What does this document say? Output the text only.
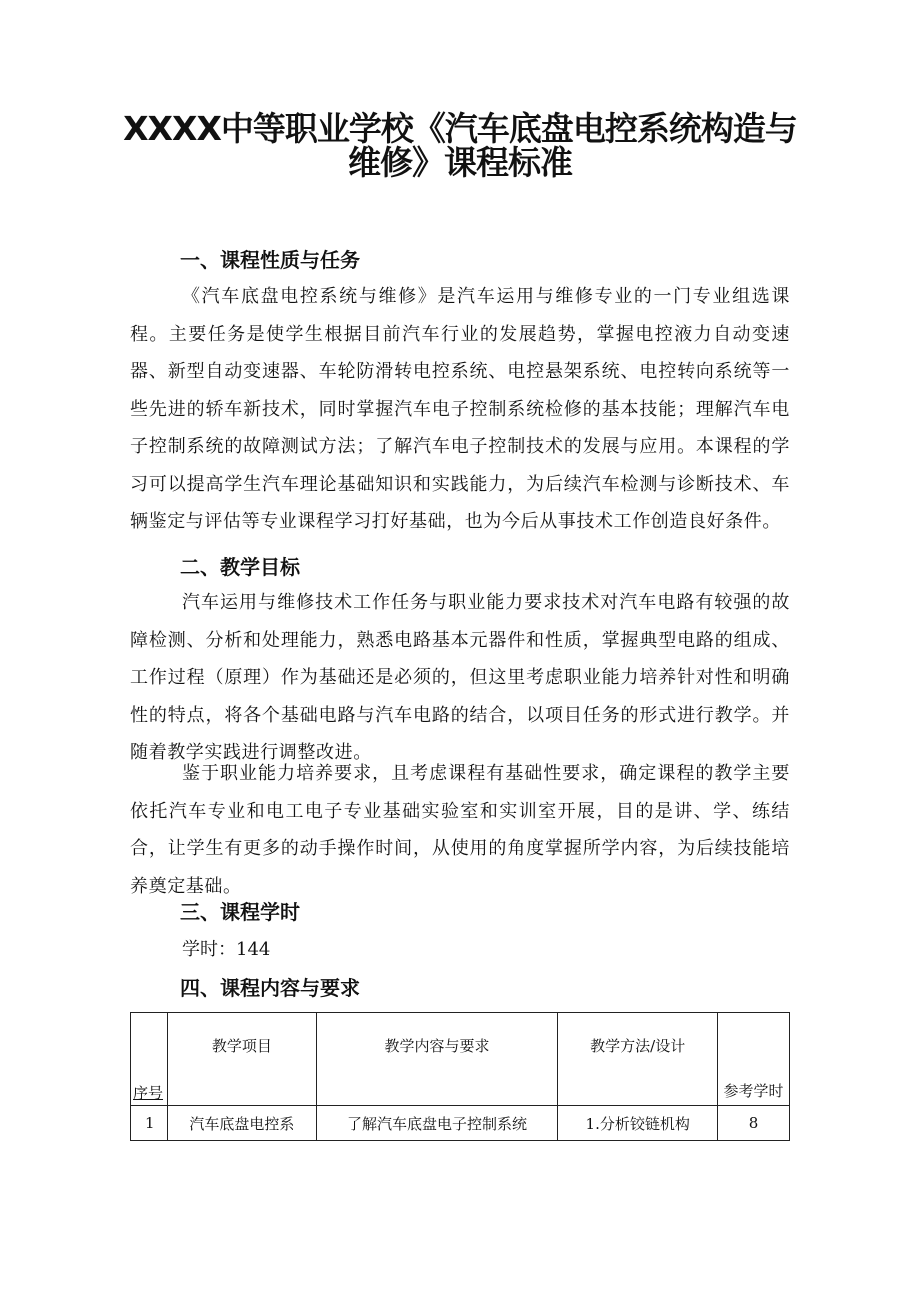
XXXX中等职业学校《汽车底盘电控系统构造与维修》课程标准
一、课程性质与任务

《汽车底盘电控系统与维修》是汽车运用与维修专业的一门专业组选课程。主要任务是使学生根据目前汽车行业的发展趋势，掌握电控液力自动变速器、新型自动变速器、车轮防滑转电控系统、电控悬架系统、电控转向系统等一些先进的轿车新技术，同时掌握汽车电子控制系统检修的基本技能；理解汽车电子控制系统的故障测试方法；了解汽车电子控制技术的发展与应用。本课程的学习可以提高学生汽车理论基础知识和实践能力，为后续汽车检测与诊断技术、车辆鉴定与评估等专业课程学习打好基础，也为今后从事技术工作创造良好条件。

二、教学目标

汽车运用与维修技术工作任务与职业能力要求技术对汽车电路有较强的故障检测、分析和处理能力，熟悉电路基本元器件和性质，掌握典型电路的组成、工作过程（原理）作为基础还是必须的，但这里考虑职业能力培养针对性和明确性的特点，将各个基础电路与汽车电路的结合，以项目任务的形式进行教学。并随着教学实践进行调整改进。

鉴于职业能力培养要求，且考虑课程有基础性要求，确定课程的教学主要依托汽车专业和电工电子专业基础实验室和实训室开展，目的是讲、学、练结合，让学生有更多的动手操作时间，从使用的角度掌握所学内容，为后续技能培养奠定基础。

三、课程学时
学时：144
四、课程内容与要求
序号	教学项目	教学内容与要求	教学方法/设计	参考学时
1	汽车底盘电控系	了解汽车底盘电子控制系统	1.分析铰链机构	8
